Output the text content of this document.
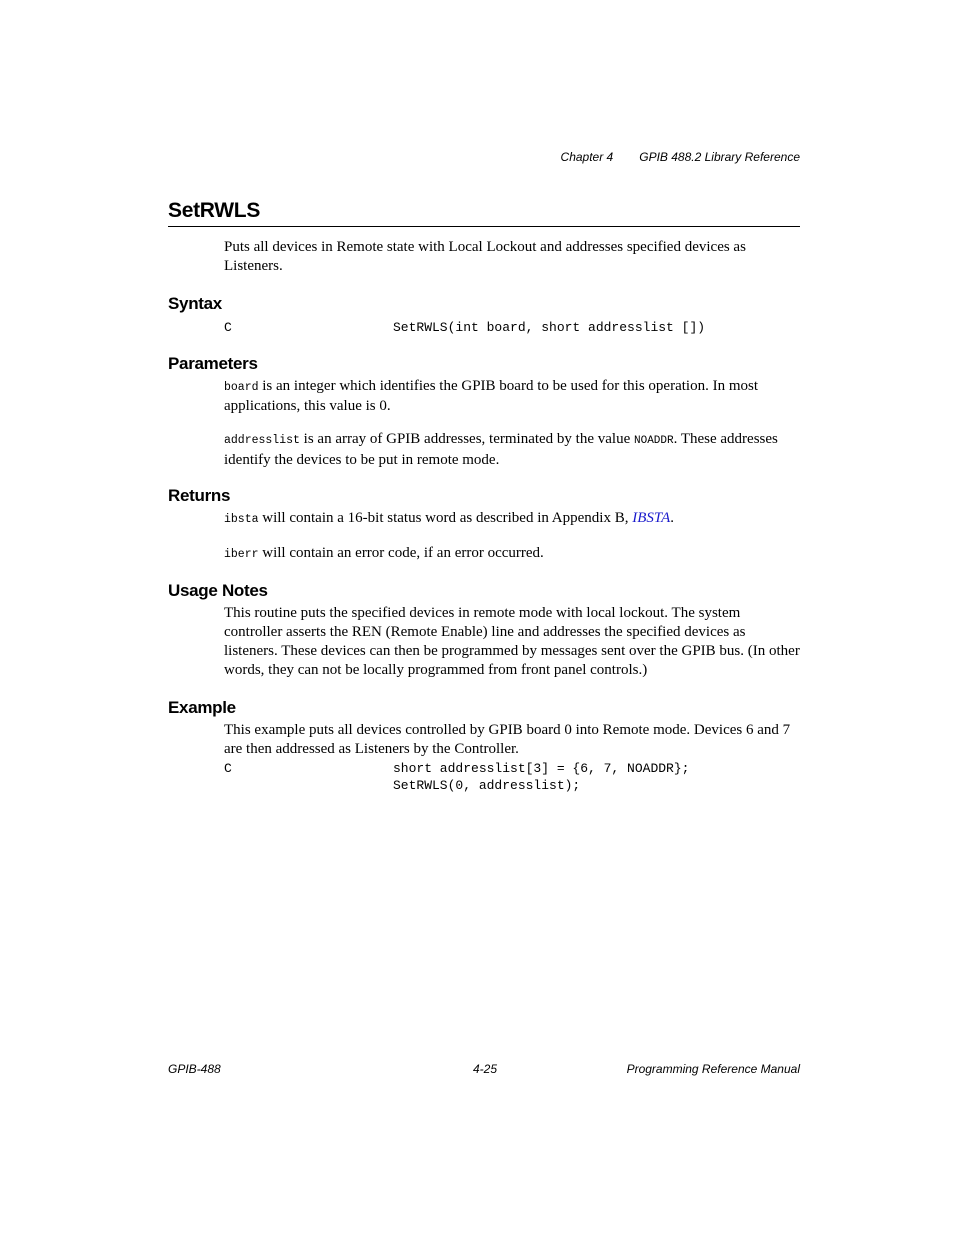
Chapter 4 GPIB 488.2 Library Reference
SetRWLS

Puts all devices in Remote state with Local Lockout and addresses specified devices as Listeners.

Syntax

C	SetRWLS(int board, short addresslist [])

Parameters

board is an integer which identifies the GPIB board to be used for this operation. In most applications, this value is 0.

addresslist is an array of GPIB addresses, terminated by the value NOADDR. These addresses identify the devices to be put in remote mode.

Returns

ibsta will contain a 16-bit status word as described in Appendix B, IBSTA.

iberr will contain an error code, if an error occurred.

Usage Notes

This routine puts the specified devices in remote mode with local lockout. The system controller asserts the REN (Remote Enable) line and addresses the specified devices as listeners. These devices can then be programmed by messages sent over the GPIB bus. (In other words, they can not be locally programmed from front panel controls.)

Example

This example puts all devices controlled by GPIB board 0 into Remote mode. Devices 6 and 7 are then addressed as Listeners by the Controller.

C	short addresslist[3] = {6, 7, NOADDR};

SetRWLS(0, addresslist);

GPIB-488	4-25	Programming Reference Manual
